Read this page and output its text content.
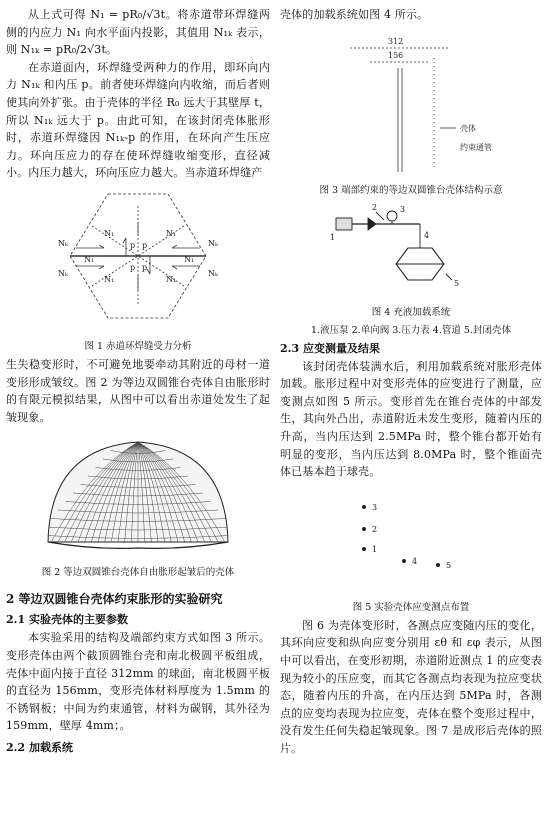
从上式可得 N₁ = pR₀/√3t。将赤道带环焊缝两侧的内应力 N₁ 向水平面内投影，其值用 N₁ₖ 表示，则 N₁ₖ = pR₀/2√3t。

在赤道面内，环焊缝受两种力的作用，即环向内力 N₁ₖ 和内压 p。前者使环焊缝向内收缩，而后者则使其向外扩张。由于壳体的半径 R₀ 远大于其壁厚 t，所以 N₁ₖ 远大于 p。由此可知，在该封闭壳体胀形时，赤道环焊缝因 N₁ₖ-p 的作用，在环向产生压应力。环向压应力的存在使环焊缝收缩变形，直径减小。内压力越大，环向压应力越大。当赤道环焊缝产

N₁	N₁
Nₖ	Nₖ
Nₖ	Nₖ
N₁	N₁
N₁	N₁
p
p
p
p
图 1 赤道环焊缝受力分析

生失稳变形时，不可避免地要牵动其附近的母材一道变形形成皱纹。图 2 为等边双圆锥台壳体自由胀形时的有限元模拟结果，从图中可以看出赤道处发生了起皱现象。

图 2 等边双圆锥台壳体自由胀形起皱后的壳体
2 等边双圆锥台壳体约束胀形的实验研究
2.1 实验壳体的主要参数

本实验采用的结构及端部约束方式如图 3 所示。变形壳体由两个截顶圆锥台壳和南北极圆平板组成，壳体中面内接于直径 312mm 的球面，南北极圆平板的直径为 156mm，变形壳体材料厚度为 1.5mm 的不锈钢板；中间为约束通管，材料为碳钢，其外径为 159mm，壁厚 4mm；。

2.2 加载系统

壳体的加载系统如图 4 所示。

312
156
壳体
约束通管
图 3 端部约束的等边双圆锥台壳体结构示意
1
2	3
4
5
图 4 充液加载系统
1.液压泵 2.单向阀 3.压力表 4.管道 5.封闭壳体
2.3 应变测量及结果

该封闭壳体装满水后，利用加载系统对胀形壳体加载。胀形过程中对变形壳体的应变进行了测量，应变测点如图 5 所示。变形首先在锥台壳体的中部发生，其向外凸出，赤道附近未发生变形，随着内压的升高，当内压达到 2.5MPa 时，整个锥台都开始有明显的变形，当内压达到 8.0MPa 时，整个锥面壳体已基本趋于球壳。

3
2
1
4	5
图 5 实验壳体应变测点布置

图 6 为壳体变形时，各测点应变随内压的变化，其环向应变和纵向应变分别用 εθ 和 εφ 表示，从图中可以看出，在变形初期，赤道附近测点 1 的应变表现为较小的压应变，而其它各测点均表现为拉应变状态，随着内压的升高，在内压达到 5MPa 时，各测点的应变均表现为拉应变，壳体在整个变形过程中，没有发生任何失稳起皱现象。图 7 是成形后壳体的照片。
